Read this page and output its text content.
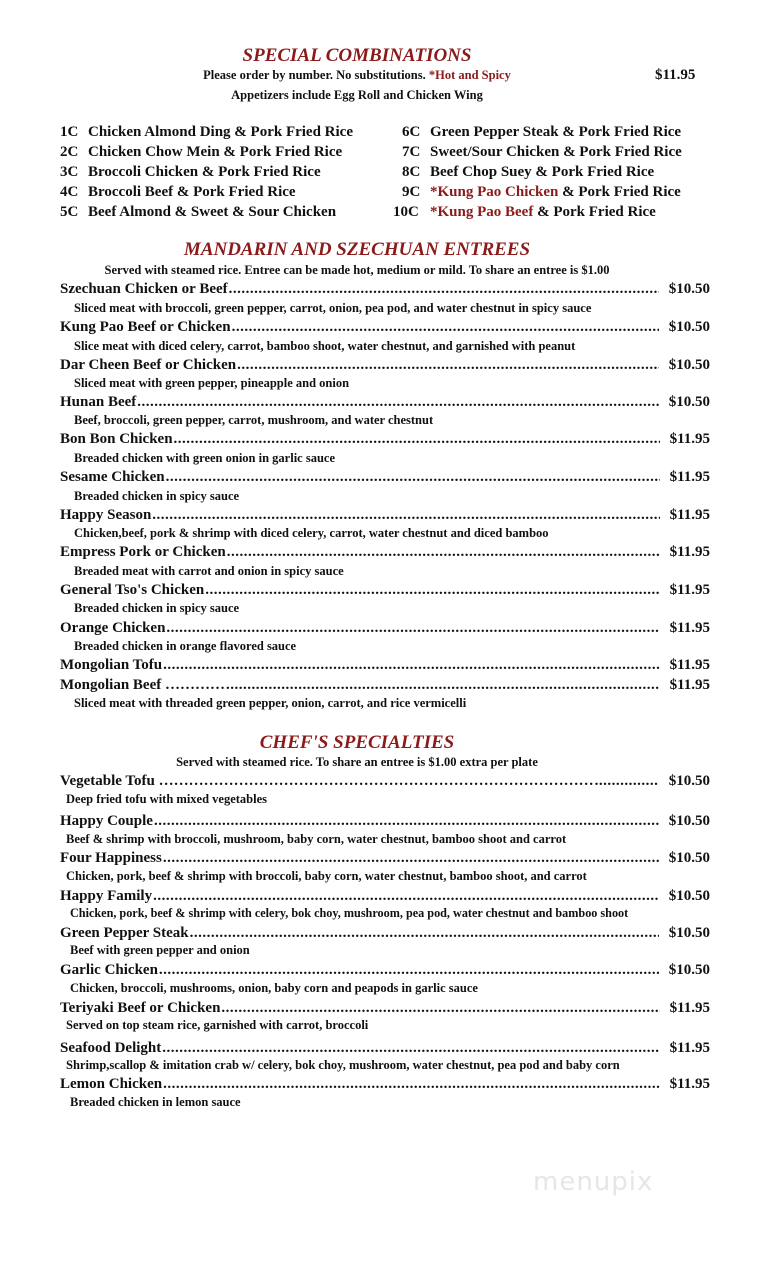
SPECIAL COMBINATIONS
Please order by number. No substitutions. *Hot and Spicy
Appetizers include Egg Roll and Chicken Wing
$11.95
1C Chicken Almond Ding & Pork Fried Rice
2C Chicken Chow Mein & Pork Fried Rice
3C Broccoli Chicken & Pork Fried Rice
4C Broccoli Beef & Pork Fried Rice
5C Beef Almond & Sweet & Sour Chicken
6C Green Pepper Steak & Pork Fried Rice
7C Sweet/Sour Chicken & Pork Fried Rice
8C Beef Chop Suey & Pork Fried Rice
9C *Kung Pao Chicken & Pork Fried Rice
10C *Kung Pao Beef & Pork Fried Rice
MANDARIN AND SZECHUAN ENTREES
Served with steamed rice. Entree can be made hot, medium or mild. To share an entree is $1.00
Szechuan Chicken or Beef	$10.50
.....
Sliced meat with broccoli, green pepper, carrot, onion, pea pod, and water chestnut in spicy sauce
Kung Pao Beef or Chicken	$10.50
.....
Slice meat with diced celery, carrot, bamboo shoot, water chestnut, and garnished with peanut
Dar Cheen Beef or Chicken	$10.50
.....
Sliced meat with green pepper, pineapple and onion
Hunan Beef	$10.50
.....
Beef, broccoli, green pepper, carrot, mushroom, and water chestnut
Bon Bon Chicken	$11.95
.....
Breaded chicken with green onion in garlic sauce
Sesame Chicken	$11.95
.....
Breaded chicken in spicy sauce
Happy Season	$11.95
.....
Chicken,beef, pork & shrimp with diced celery, carrot, water chestnut and diced bamboo
Empress Pork or Chicken	$11.95
.....
Breaded meat with carrot and onion in spicy sauce
General Tso's Chicken	$11.95
.....
Breaded chicken in spicy sauce
Orange Chicken	$11.95
.....
Breaded chicken in orange flavored sauce
Mongolian Tofu	$11.95
.....
Mongolian Beef …………	$11.95
.....
Sliced meat with threaded green pepper, onion, carrot, and rice vermicelli
CHEF'S SPECIALTIES
Served with steamed rice. To share an entree is $1.00 extra per plate
Vegetable Tofu ……………………………………………………………………………	$10.50
.....
Deep fried tofu with mixed vegetables
Happy Couple	$10.50
.....
Beef & shrimp with broccoli, mushroom, baby corn, water chestnut, bamboo shoot and carrot
Four Happiness	$10.50
.....
Chicken, pork, beef & shrimp with broccoli, baby corn, water chestnut, bamboo shoot, and carrot
Happy Family	$10.50
.....
Chicken, pork, beef & shrimp with celery, bok choy, mushroom, pea pod, water chestnut and bamboo shoot
Green Pepper Steak	$10.50
.....
Beef with green pepper and onion
Garlic Chicken	$10.50
.....
Chicken, broccoli, mushrooms, onion, baby corn and peapods in garlic sauce
Teriyaki Beef or Chicken	$11.95
.....
Served on top steam rice, garnished with carrot, broccoli
Seafood Delight	$11.95
.....
Shrimp,scallop & imitation crab w/ celery, bok choy, mushroom, water chestnut, pea pod and baby corn
Lemon Chicken	$11.95
.....
Breaded chicken in lemon sauce
menupix
